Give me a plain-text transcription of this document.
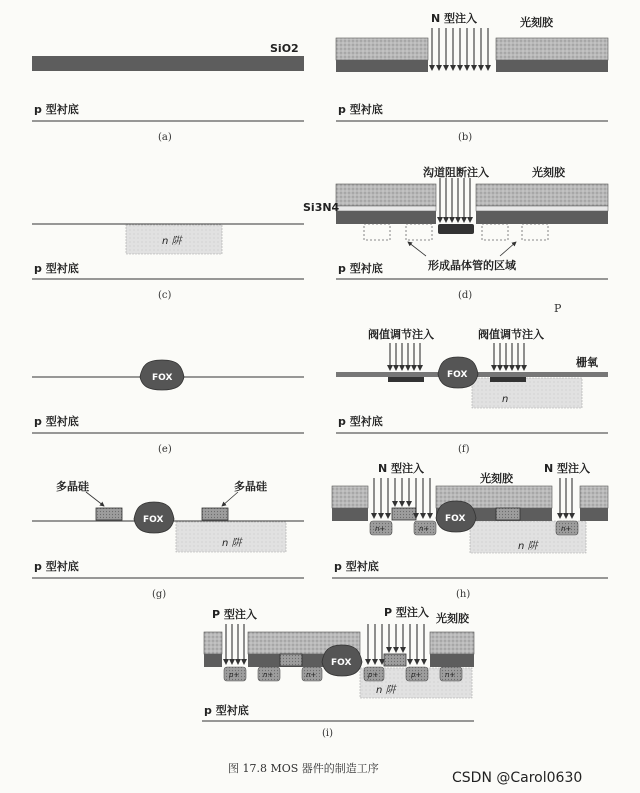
SiO2
p 型衬底
(a)
N 型注入	光刻胶
p 型衬底
(b)
n 阱
p 型衬底
(c)
沟道阻断注入	光刻胶
Si3N4
形成晶体管的区域
p 型衬底
(d)
P
FOX
p 型衬底
(e)
n
FOX
阀值调节注入	阀值调节注入
栅氧
p 型衬底
(f)
n 阱
FOX
多晶硅	多晶硅
p 型衬底
(g)
n 阱
FOX
n+	n+	n+
N 型注入
光刻胶
N 型注入
p 型衬底
(h)
n 阱
FOX
p+	n+	n+	p+	p+	n+
P 型注入	P 型注入 光刻胶
p 型衬底
(i)
图 17.8 MOS 器件的制造工序
CSDN @Carol0630
